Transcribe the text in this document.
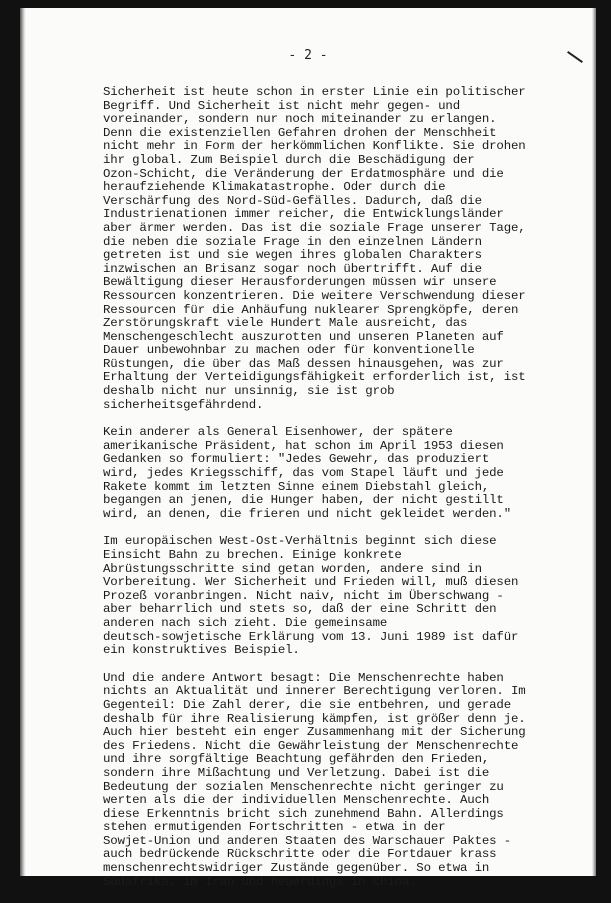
- 2 -
Sicherheit ist heute schon in erster Linie ein politischer
Begriff. Und Sicherheit ist nicht mehr gegen- und
voreinander, sondern nur noch miteinander zu erlangen.
Denn die existenziellen Gefahren drohen der Menschheit
nicht mehr in Form der herkömmlichen Konflikte. Sie drohen
ihr global. Zum Beispiel durch die Beschädigung der
Ozon-Schicht, die Veränderung der Erdatmosphäre und die
heraufziehende Klimakatastrophe. Oder durch die
Verschärfung des Nord-Süd-Gefälles. Dadurch, daß die
Industrienationen immer reicher, die Entwicklungsländer
aber ärmer werden. Das ist die soziale Frage unserer Tage,
die neben die soziale Frage in den einzelnen Ländern
getreten ist und sie wegen ihres globalen Charakters
inzwischen an Brisanz sogar noch übertrifft. Auf die
Bewältigung dieser Herausforderungen müssen wir unsere
Ressourcen konzentrieren. Die weitere Verschwendung dieser
Ressourcen für die Anhäufung nuklearer Sprengköpfe, deren
Zerstörungskraft viele Hundert Male ausreicht, das
Menschengeschlecht auszurotten und unseren Planeten auf
Dauer unbewohnbar zu machen oder für konventionelle
Rüstungen, die über das Maß dessen hinausgehen, was zur
Erhaltung der Verteidigungsfähigkeit erforderlich ist, ist
deshalb nicht nur unsinnig, sie ist grob
sicherheitsgefährdend.
Kein anderer als General Eisenhower, der spätere
amerikanische Präsident, hat schon im April 1953 diesen
Gedanken so formuliert: "Jedes Gewehr, das produziert
wird, jedes Kriegsschiff, das vom Stapel läuft und jede
Rakete kommt im letzten Sinne einem Diebstahl gleich,
begangen an jenen, die Hunger haben, der nicht gestillt
wird, an denen, die frieren und nicht gekleidet werden."
Im europäischen West-Ost-Verhältnis beginnt sich diese
Einsicht Bahn zu brechen. Einige konkrete
Abrüstungsschritte sind getan worden, andere sind in
Vorbereitung. Wer Sicherheit und Frieden will, muß diesen
Prozeß voranbringen. Nicht naiv, nicht im Überschwang -
aber beharrlich und stets so, daß der eine Schritt den
anderen nach sich zieht. Die gemeinsame
deutsch-sowjetische Erklärung vom 13. Juni 1989 ist dafür
ein konstruktives Beispiel.
Und die andere Antwort besagt: Die Menschenrechte haben
nichts an Aktualität und innerer Berechtigung verloren. Im
Gegenteil: Die Zahl derer, die sie entbehren, und gerade
deshalb für ihre Realisierung kämpfen, ist größer denn je.
Auch hier besteht ein enger Zusammenhang mit der Sicherung
des Friedens. Nicht die Gewährleistung der Menschenrechte
und ihre sorgfältige Beachtung gefährden den Frieden,
sondern ihre Mißachtung und Verletzung. Dabei ist die
Bedeutung der sozialen Menschenrechte nicht geringer zu
werten als die der individuellen Menschenrechte. Auch
diese Erkenntnis bricht sich zunehmend Bahn. Allerdings
stehen ermutigenden Fortschritten - etwa in der
Sowjet-Union und anderen Staaten des Warschauer Paktes -
auch bedrückende Rückschritte oder die Fortdauer krass
menschenrechtswidriger Zustände gegenüber. So etwa in
Südafrika, im Iran und neuerdings in China.
